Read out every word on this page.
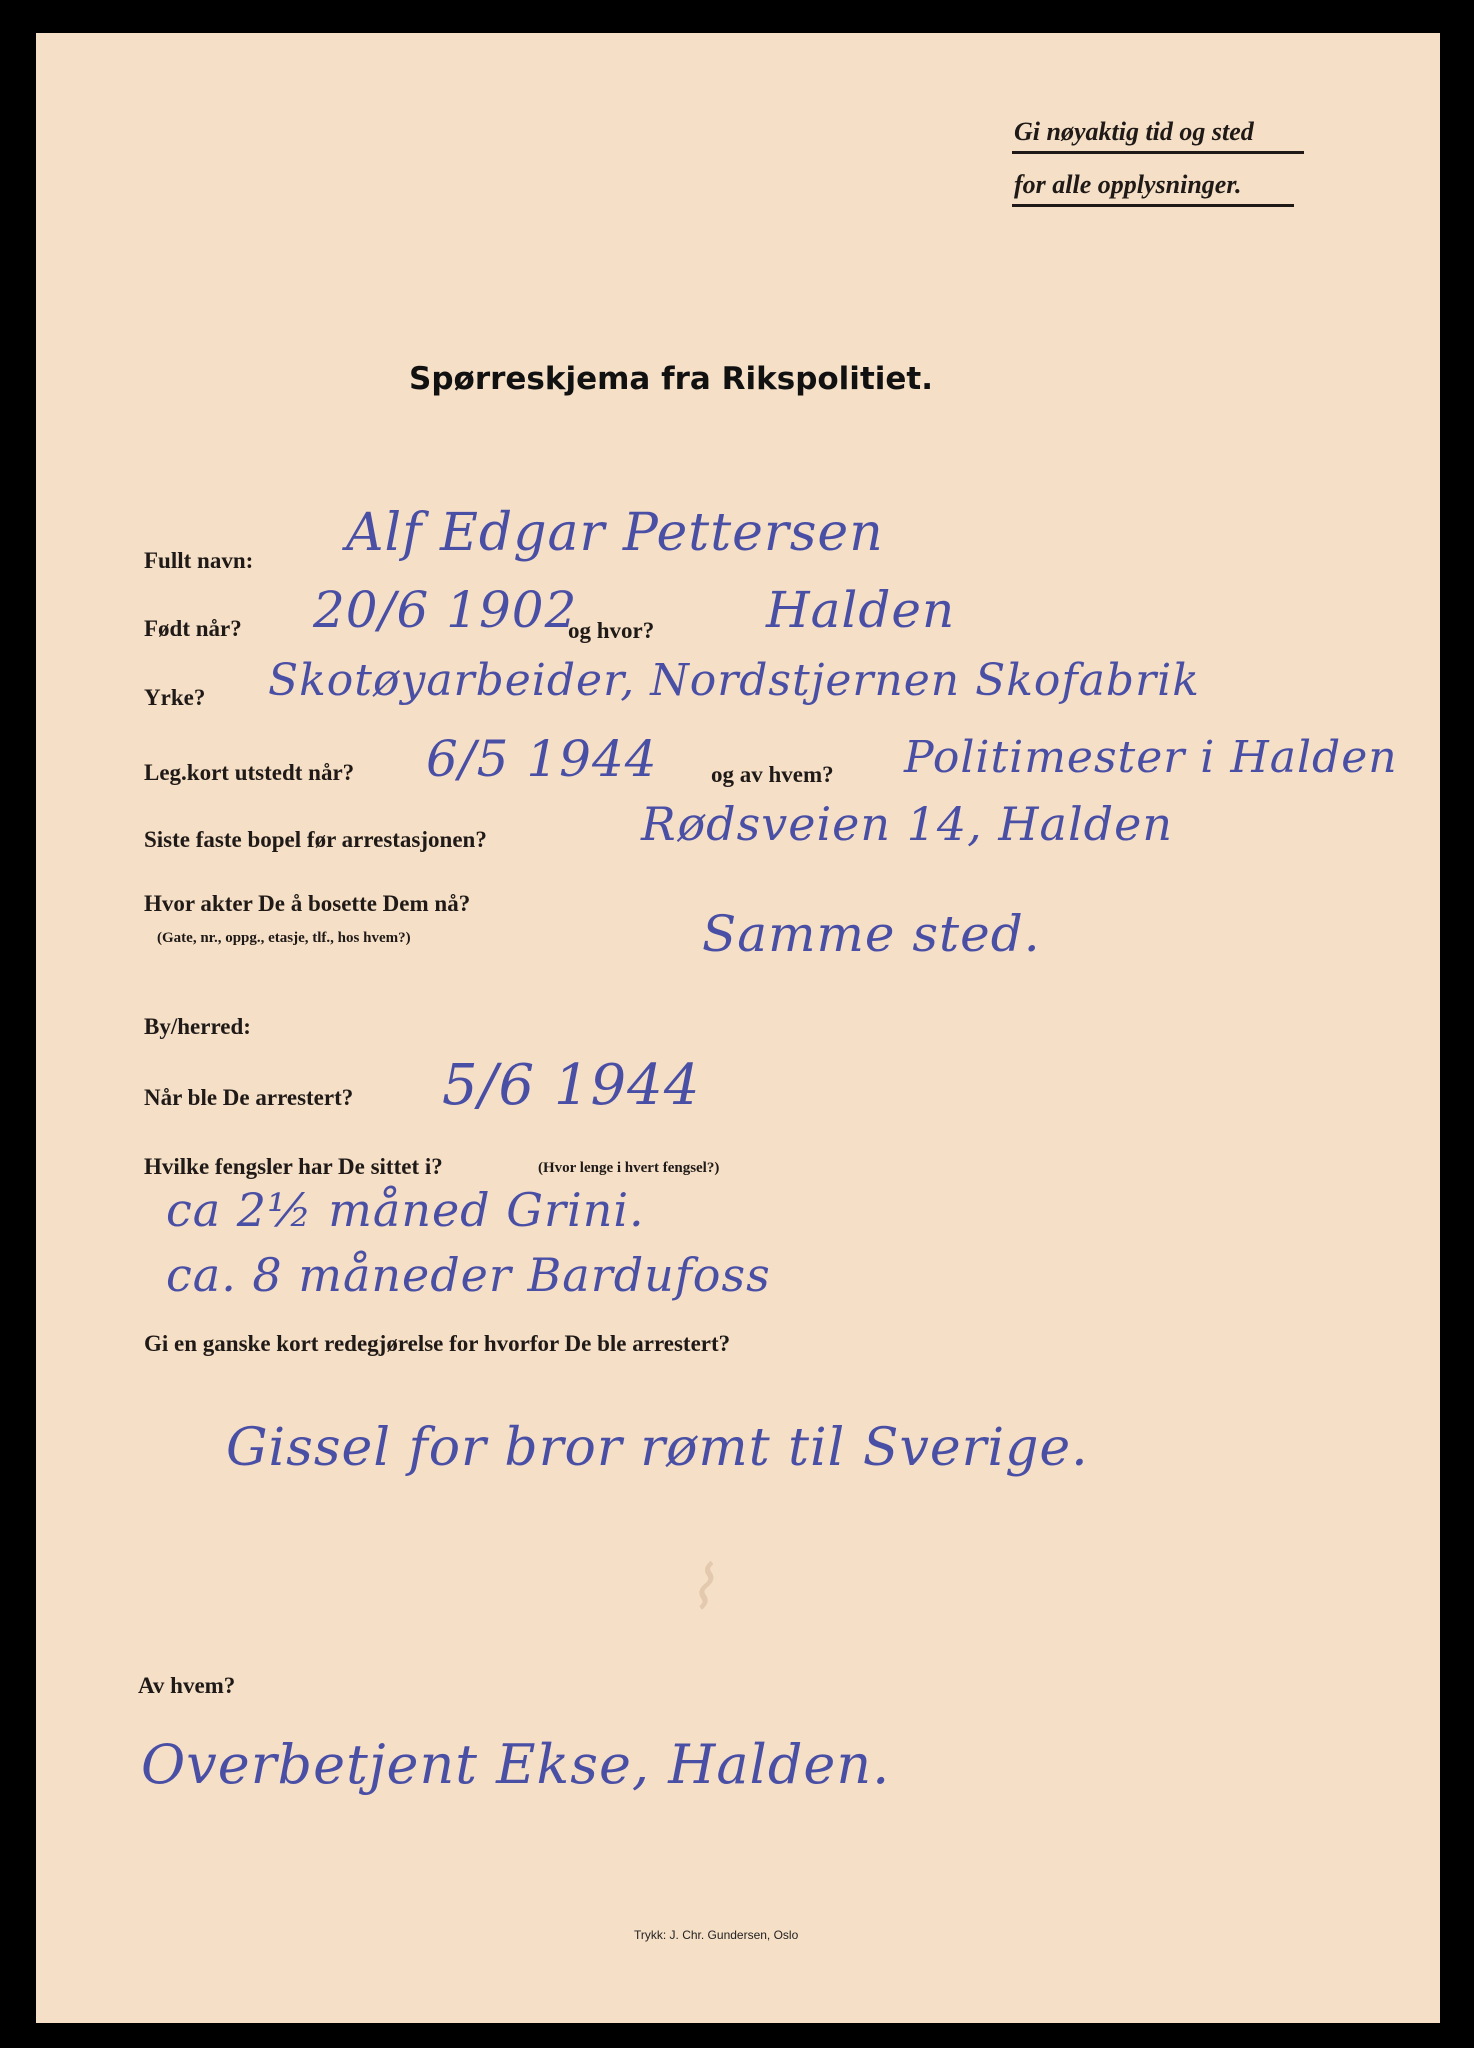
Gi nøyaktig tid og sted
for alle opplysninger.
Spørreskjema fra Rikspolitiet.
Fullt navn: Alf Edgar Pettersen
Født når? 20/6 1902
og hvor? Halden
Yrke? Skotøyarbeider, Nordstjernen Skofabrik
Leg.kort utstedt når? 6/5 1944 og av hvem? Politimester i Halden
Siste faste bopel før arrestasjonen?	Rødsveien 14, Halden
Hvor akter De å bosette Dem nå?
(Gate, nr., oppg., etasje, tlf., hos hvem?)	Samme sted.
By/herred:
Når ble De arrestert? 5/6 1944
Hvilke fengsler har De sittet i?	(Hvor lenge i hvert fengsel?)
ca 2½ måned Grini.
ca. 8 måneder Bardufoss
Gi en ganske kort redegjørelse for hvorfor De ble arrestert?
Gissel for bror rømt til Sverige.
⌇
Av hvem?
Overbetjent Ekse, Halden.
Trykk: J. Chr. Gundersen, Oslo
